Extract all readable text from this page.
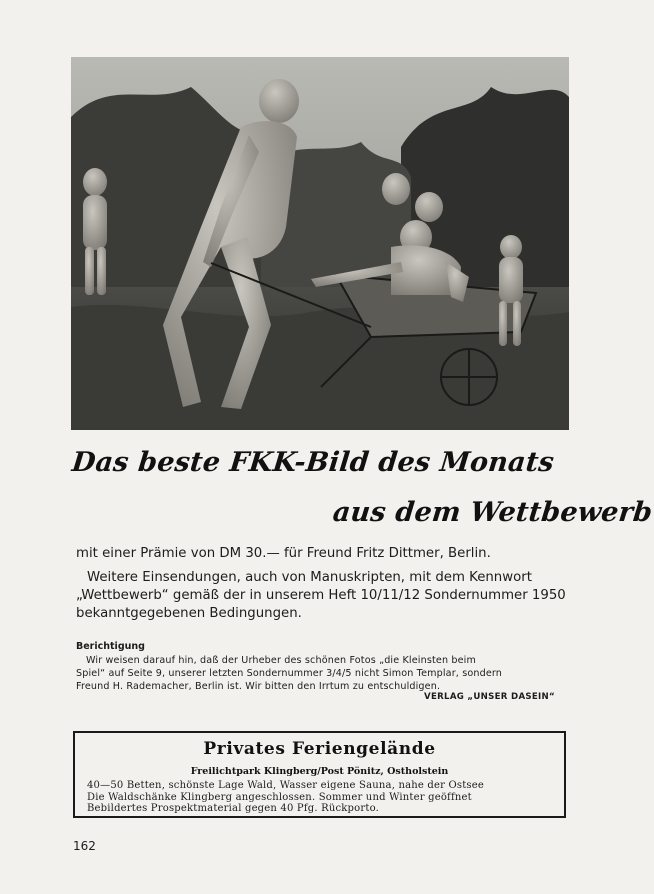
Das beste FKK-Bild des Monats
aus dem Wettbewerb
mit einer Prämie von DM 30.— für Freund Fritz Dittmer, Berlin.
Weitere Einsendungen, auch von Manuskripten, mit dem Kennwort
„Wettbewerb“ gemäß der in unserem Heft 10/11/12 Sondernummer 1950
bekanntgegebenen Bedingungen.
Berichtigung
Wir weisen darauf hin, daß der Urheber des schönen Fotos „die Kleinsten beim
Spiel“ auf Seite 9, unserer letzten Sondernummer 3/4/5 nicht Simon Templar, sondern
Freund H. Rademacher, Berlin ist. Wir bitten den Irrtum zu entschuldigen.
VERLAG „UNSER DASEIN“
Privates Feriengelände
Freilichtpark Klingberg/Post Pönitz, Ostholstein
40—50 Betten, schönste Lage Wald, Wasser eigene Sauna, nahe der Ostsee
Die Waldschänke Klingberg angeschlossen. Sommer und Winter geöffnet
Bebildertes Prospektmaterial gegen 40 Pfg. Rückporto.
162
